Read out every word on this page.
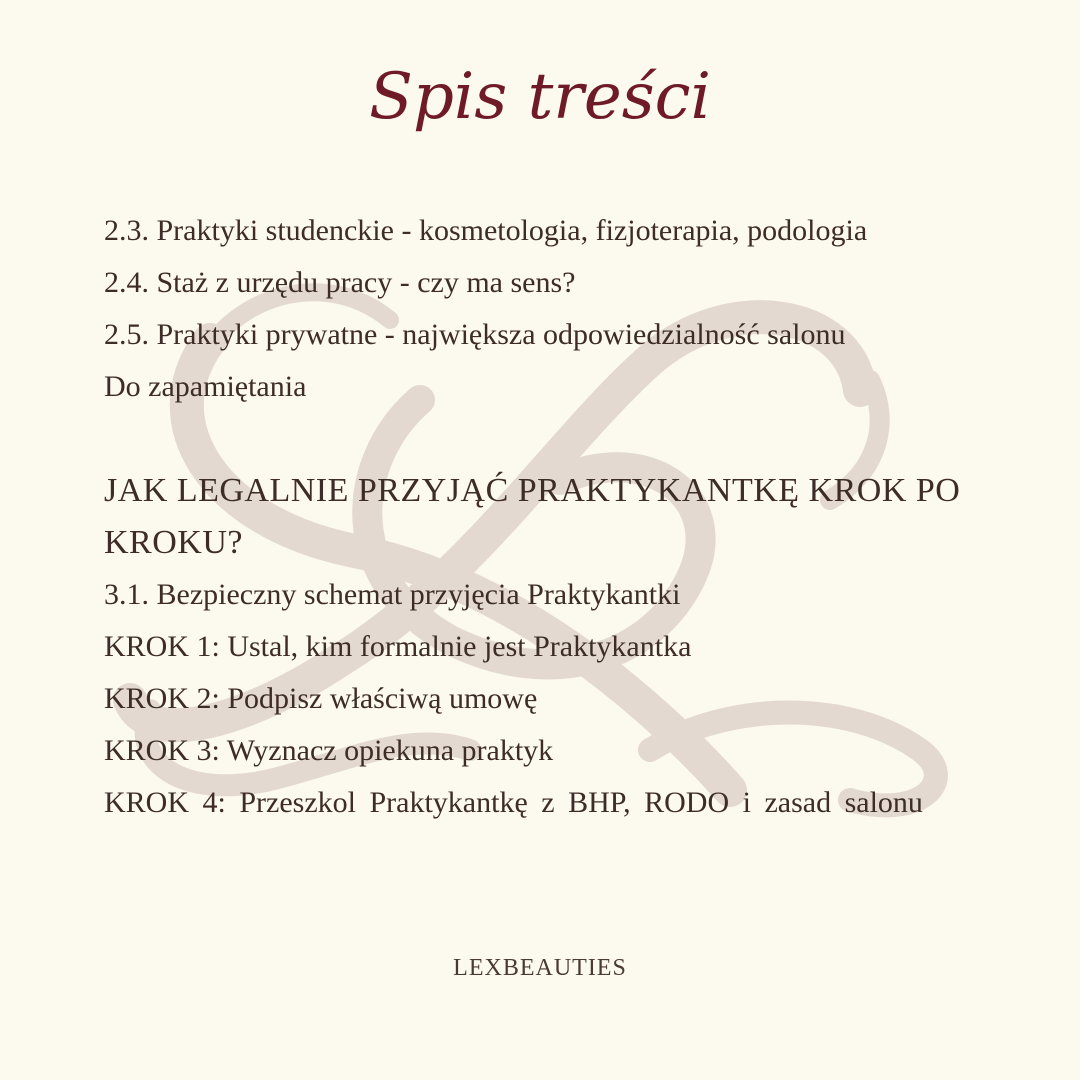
Spis treści
2.3. Praktyki studenckie - kosmetologia, fizjoterapia, podologia
2.4. Staż z urzędu pracy - czy ma sens?
2.5. Praktyki prywatne - największa odpowiedzialność salonu
Do zapamiętania
JAK LEGALNIE PRZYJĄĆ PRAKTYKANTKĘ KROK PO KROKU?
3.1. Bezpieczny schemat przyjęcia Praktykantki
KROK 1: Ustal, kim formalnie jest Praktykantka
KROK 2: Podpisz właściwą umowę
KROK 3: Wyznacz opiekuna praktyk
KROK 4: Przeszkol Praktykantkę z BHP, RODO i zasad salonu
LEXBEAUTIES
